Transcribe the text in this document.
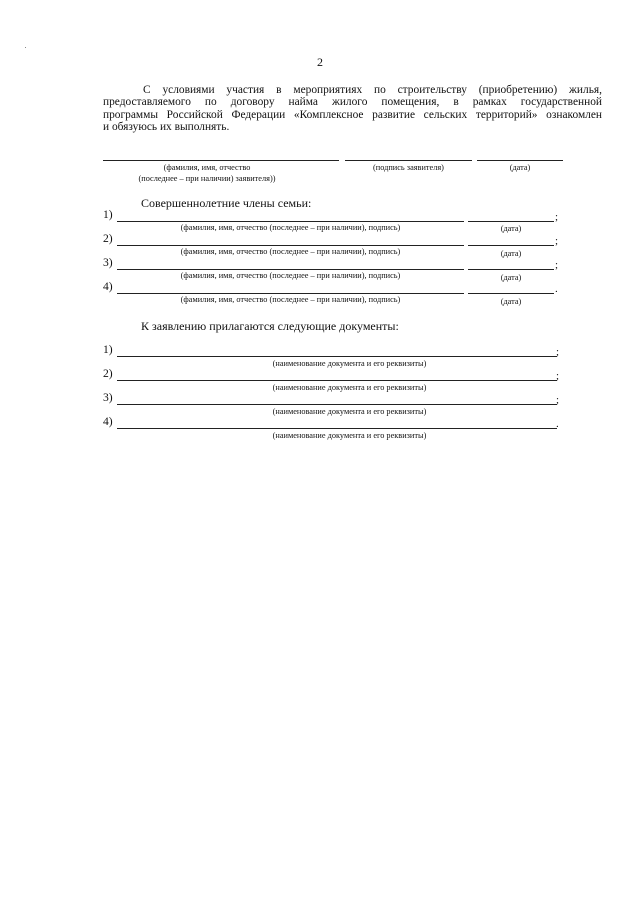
2
С условиями участия в мероприятиях по строительству (приобретению) жилья,
предоставляемого по договору найма жилого помещения, в рамках государственной
программы Российской Федерации «Комплексное развитие сельских территорий» ознакомлен
и обязуюсь их выполнять.
(фамилия, имя, отчество
(последнее – при наличии) заявителя))
(подпись заявителя)	(дата)
Совершеннолетние члены семьи:
1)	;
(фамилия, имя, отчество (последнее – при наличии), подпись)	(дата)
2)	;
(фамилия, имя, отчество (последнее – при наличии), подпись)	(дата)
3)	;
(фамилия, имя, отчество (последнее – при наличии), подпись)	(дата)
4)	.
(фамилия, имя, отчество (последнее – при наличии), подпись)	(дата)
К заявлению прилагаются следующие документы:
1)	;
(наименование документа и его реквизиты)
2)	;
(наименование документа и его реквизиты)
3)	;
(наименование документа и его реквизиты)
4)	.
(наименование документа и его реквизиты)
